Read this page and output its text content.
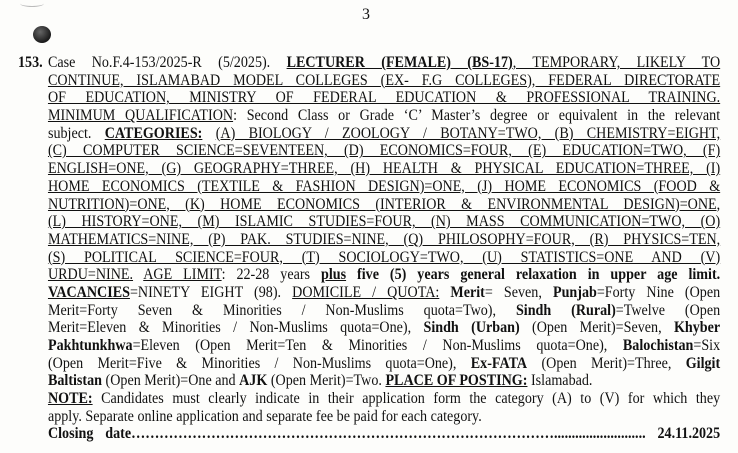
3
153. Case No.F.4-153/2025-R (5/2025). LECTURER (FEMALE) (BS-17), TEMPORARY, LIKELY TO
CONTINUE, ISLAMABAD MODEL COLLEGES (EX- F.G COLLEGES), FEDERAL DIRECTORATE
OF EDUCATION, MINISTRY OF FEDERAL EDUCATION & PROFESSIONAL TRAINING.
MINIMUM QUALIFICATION: Second Class or Grade ‘C’ Master’s degree or equivalent in the relevant
subject. CATEGORIES: (A) BIOLOGY / ZOOLOGY / BOTANY=TWO, (B) CHEMISTRY=EIGHT,
(C) COMPUTER SCIENCE=SEVENTEEN, (D) ECONOMICS=FOUR, (E) EDUCATION=TWO, (F)
ENGLISH=ONE, (G) GEOGRAPHY=THREE, (H) HEALTH & PHYSICAL EDUCATION=THREE, (I)
HOME ECONOMICS (TEXTILE & FASHION DESIGN)=ONE, (J) HOME ECONOMICS (FOOD &
NUTRITION)=ONE, (K) HOME ECONOMICS (INTERIOR & ENVIRONMENTAL DESIGN)=ONE,
(L) HISTORY=ONE, (M) ISLAMIC STUDIES=FOUR, (N) MASS COMMUNICATION=TWO, (O)
MATHEMATICS=NINE, (P) PAK. STUDIES=NINE, (Q) PHILOSOPHY=FOUR, (R) PHYSICS=TEN,
(S) POLITICAL SCIENCE=FOUR, (T) SOCIOLOGY=TWO, (U) STATISTICS=ONE AND (V)
URDU=NINE. AGE LIMIT: 22-28 years plus five (5) years general relaxation in upper age limit.
VACANCIES=NINETY EIGHT (98). DOMICILE / QUOTA: Merit= Seven, Punjab=Forty Nine (Open
Merit=Forty Seven & Minorities / Non-Muslims quota=Two), Sindh (Rural)=Twelve (Open
Merit=Eleven & Minorities / Non-Muslims quota=One), Sindh (Urban) (Open Merit)=Seven, Khyber
Pakhtunkhwa=Eleven (Open Merit=Ten & Minorities / Non-Muslims quota=One), Balochistan=Six
(Open Merit=Five & Minorities / Non-Muslims quota=One), Ex-FATA (Open Merit)=Three, Gilgit
Baltistan (Open Merit)=One and AJK (Open Merit)=Two. PLACE OF POSTING: Islamabad.
NOTE: Candidates must clearly indicate in their application form the category (A) to (V) for which they
apply. Separate online application and separate fee be paid for each category.
Closing date……………………………………………………………………………….......................... 24.11.2025
